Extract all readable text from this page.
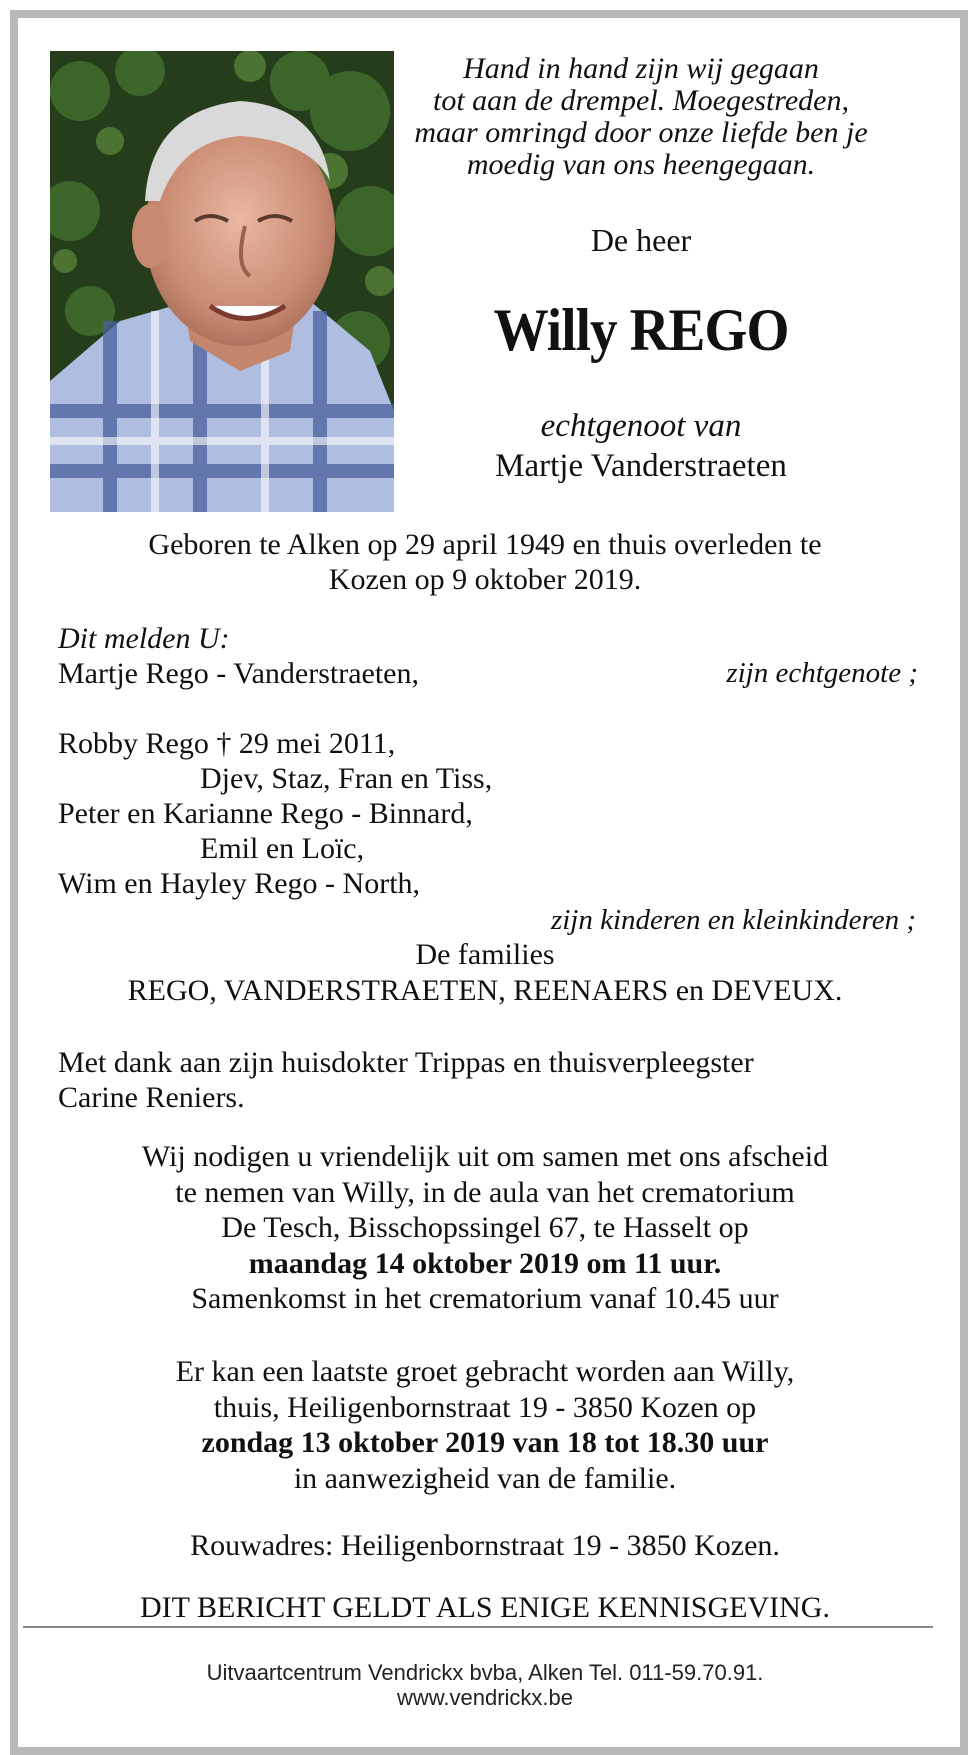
Hand in hand zijn wij gegaan
tot aan de drempel. Moegestreden,
maar omringd door onze liefde ben je
moedig van ons heengegaan.
De heer
Willy REGO
echtgenoot van
Martje Vanderstraeten
Geboren te Alken op 29 april 1949 en thuis overleden te
Kozen op 9 oktober 2019.
Dit melden U:
Martje Rego - Vanderstraeten,	zijn echtgenote ;
Robby Rego † 29 mei 2011,
Djev, Staz, Fran en Tiss,
Peter en Karianne Rego - Binnard,
Emil en Loïc,
Wim en Hayley Rego - North,
zijn kinderen en kleinkinderen ;
De families
REGO, VANDERSTRAETEN, REENAERS en DEVEUX.
Met dank aan zijn huisdokter Trippas en thuisverpleegster
Carine Reniers.
Wij nodigen u vriendelijk uit om samen met ons afscheid
te nemen van Willy, in de aula van het crematorium
De Tesch, Bisschopssingel 67, te Hasselt op
maandag 14 oktober 2019 om 11 uur.
Samenkomst in het crematorium vanaf 10.45 uur
Er kan een laatste groet gebracht worden aan Willy,
thuis, Heiligenbornstraat 19 - 3850 Kozen op
zondag 13 oktober 2019 van 18 tot 18.30 uur
in aanwezigheid van de familie.
Rouwadres: Heiligenbornstraat 19 - 3850 Kozen.
DIT BERICHT GELDT ALS ENIGE KENNISGEVING.
Uitvaartcentrum Vendrickx bvba, Alken Tel. 011-59.70.91.
www.vendrickx.be
